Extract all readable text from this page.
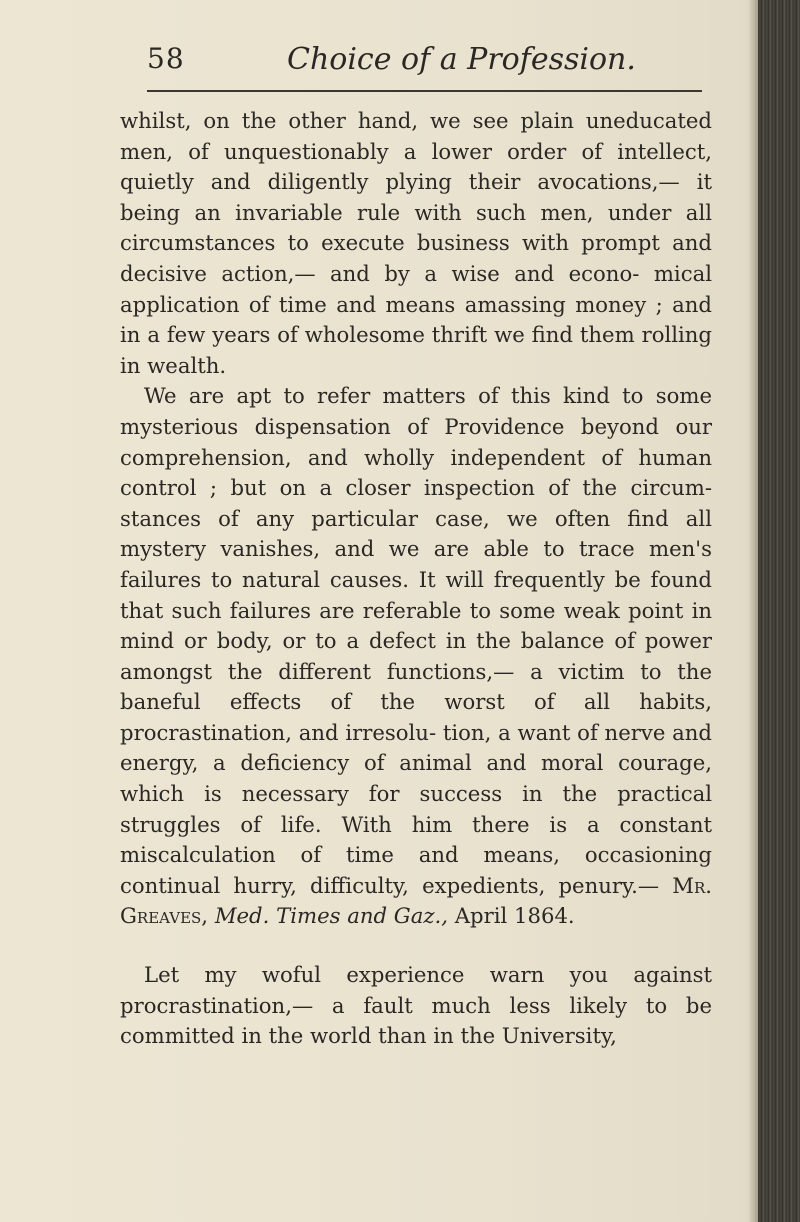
58	Choice of a Profession.

whilst, on the other hand, we see plain uneducated men, of unquestionably a lower order of intellect, quietly and diligently plying their avocations,— it being an invariable rule with such men, under all circumstances to execute business with prompt and decisive action,— and by a wise and econo- mical application of time and means amassing money ; and in a few years of wholesome thrift we find them rolling in wealth.

We are apt to refer matters of this kind to some mysterious dispensation of Providence beyond our comprehension, and wholly independent of human control ; but on a closer inspection of the circum- stances of any particular case, we often find all mystery vanishes, and we are able to trace men's failures to natural causes. It will frequently be found that such failures are referable to some weak point in mind or body, or to a defect in the balance of power amongst the different functions,— a victim to the baneful effects of the worst of all habits, procrastination, and irresolu- tion, a want of nerve and energy, a deficiency of animal and moral courage, which is necessary for success in the practical struggles of life. With him there is a constant miscalculation of time and means, occasioning continual hurry, difficulty, expedients, penury.— Mr. Greaves, Med. Times and Gaz., April 1864.

Let my woful experience warn you against procrastination,— a fault much less likely to be committed in the world than in the University,
